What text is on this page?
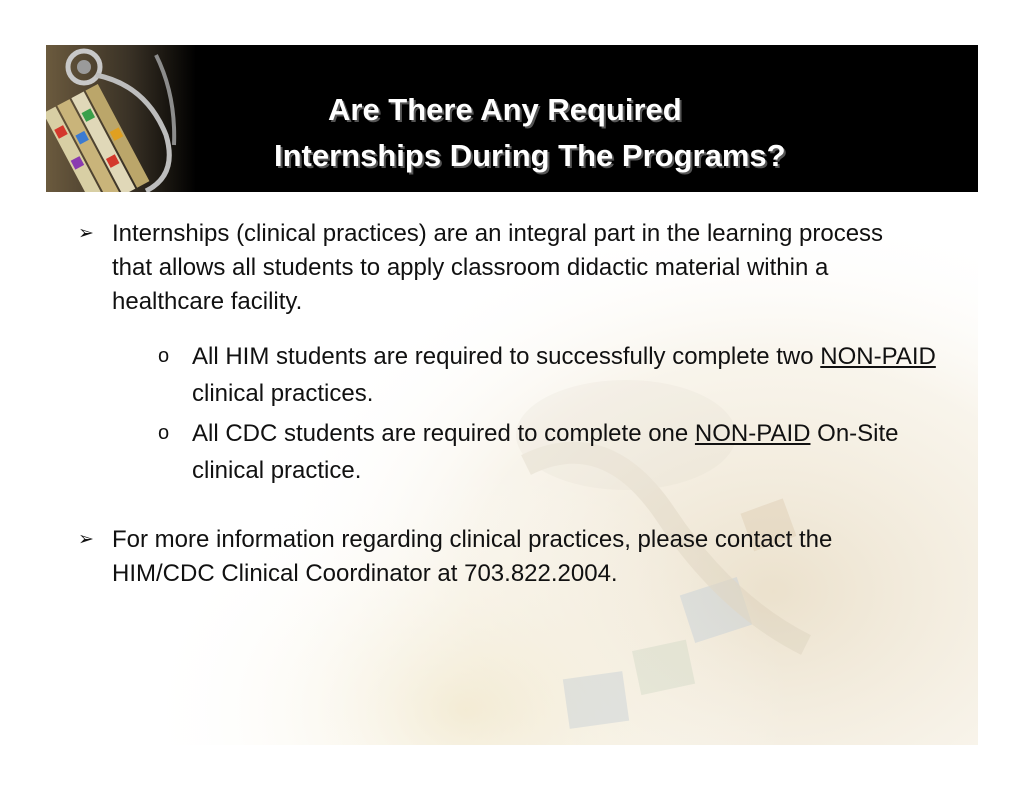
Are There Any Required
Internships During The Programs?
➢ Internships (clinical practices) are an integral part in the learning process that allows all students to apply classroom didactic material within a healthcare facility.
o All HIM students are required to successfully complete two NON-PAID clinical practices.
o All CDC students are required to complete one NON-PAID On-Site clinical practice.
➢ For more information regarding clinical practices, please contact the HIM/CDC Clinical Coordinator at 703.822.2004.
